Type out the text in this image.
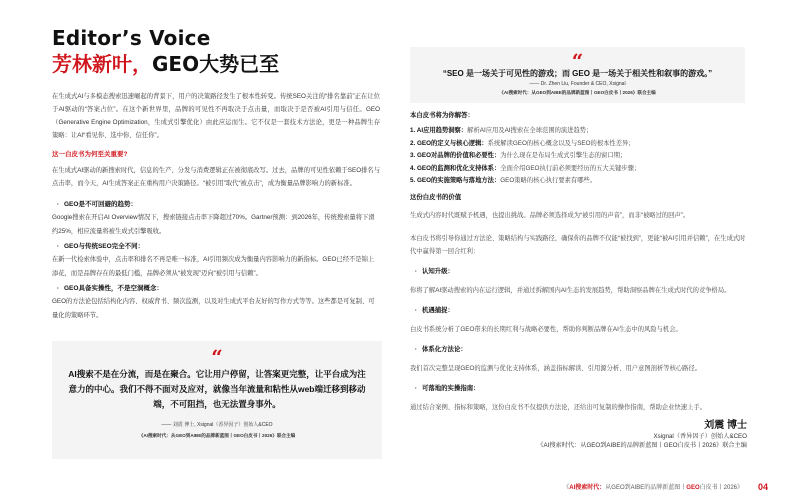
Editor’s Voice
芳林新叶，GEO大势已至

在生成式AI与多模态搜索迅速崛起的背景下，用户的决策路径发生了根本性转变。传统SEO关注的“排名靠前”正在让位于AI驱动的“答案占位”。在这个新世界里，品牌的可见性不再取决于点击量，而取决于是否被AI引用与信任。GEO（Generative Engine Optimization，生成式引擎优化）由此应运而生。它不仅是一套技术方法论，更是一种品牌生存策略：让AI“看见你、选中你、信任你”。

这一白皮书为何至关重要?

在生成式AI驱动的新搜索时代，信息的生产、分发与消费逻辑正在被彻底改写。过去，品牌的可见性依赖于SEO排名与点击率，而今天，AI生成答案正在重构用户决策路径。“被引用”取代“被点击”，成为衡量品牌影响力的新标准。

· GEO是不可回避的趋势：

Google搜索在开启AI Overview情况下，搜索链接点击率下降超过70%。Gartner预测：到2026年，传统搜索量将下滑约25%，相应流量将被生成式引擎吸收。

· GEO与传统SEO完全不同：

在新一代检索体验中，点击率和排名不再是唯一标准，AI引用频次成为衡量内容影响力的新指标。GEO已经不是锦上添花，而是品牌存在的最低门槛，品牌必须从“被发现”迈向“被引用与信赖”。

· GEO具备实操性，不是空洞概念：

GEO的方法论包括结构化内容、权威背书、频次监测，以及对生成式平台友好的写作方式等等。这些都是可复制、可量化的策略环节。

“
AI搜索不是在分流，而是在聚合。它让用户停留，让答案更完整，让平台成为注意力的中心。我们不得不面对及应对，就像当年流量和粘性从web端迁移到移动端，不可阻挡，也无法置身事外。
—— 刘震 博士, Xsignal（香异因子）创始人&CEO
《AI搜索时代：从GEO到AIBE的品牌新蓝图丨GEO白皮书丨2026》联合主编
“
“SEO 是一场关于可见性的游戏；而 GEO 是一场关于相关性和叙事的游戏。”
—— Dr. Zhen Liu, Founder & CEO, Xsignal
《AI搜索时代：从GEO到AIBE的品牌新蓝图丨GEO白皮书丨2026》联合主编
本白皮书将为你解答：
1. AI应用趋势洞察：解析AI应用及AI搜索在全球范围的演进趋势；
2. GEO的定义与核心逻辑：系统解读GEO的核心概念以及与SEO的根本性差异；
3. GEO对品牌的价值和必要性：为什么现在是布局生成式引擎生态的窗口期；
4. GEO的监测和优化支持体系：全面介绍GEO执行前必须要经历的五大关键步骤；
5. GEO的实施策略与落地方法：GEO策略的核心执行要素有哪些。
这份白皮书的价值

生成式内容时代既赋予机遇，也提出挑战。品牌必须选择成为“被引用的声音”，而非“被略过的回声”。

本白皮书将引导你通过方法论、策略结构与实践路径，确保你的品牌不仅能“被找到”，更能“被AI引用并信赖”，在生成式时代中赢得第一回合红利：

· 认知升级：

你将了解AI驱动搜索的内在运行逻辑，并通过拆解国内AI生态的发展趋势，帮助洞察品牌在生成式时代的竞争格局。

· 机遇捕捉：

白皮书系统分析了GEO带来的长期红利与战略必要性，帮助你判断品牌在AI生态中的风险与机会。

· 体系化方法论：

我们首次完整呈现GEO的监测与优化支持体系，涵盖指标解读、引用源分析、用户意图剖析等核心路径。

· 可落地的实操指南：

通过结合案例、指标和策略，这份白皮书不仅提供方法论，还给出可复制的操作指南，帮助企业快速上手。

刘震 博士
Xsignal（香异因子）创始人&CEO
《AI搜索时代：从GEO到AIBE的品牌新蓝图丨GEO白皮书丨2026》联合主编
《AI搜索时代：从GEO到AIBE的品牌新蓝图丨GEO白皮书丨2026》 04
